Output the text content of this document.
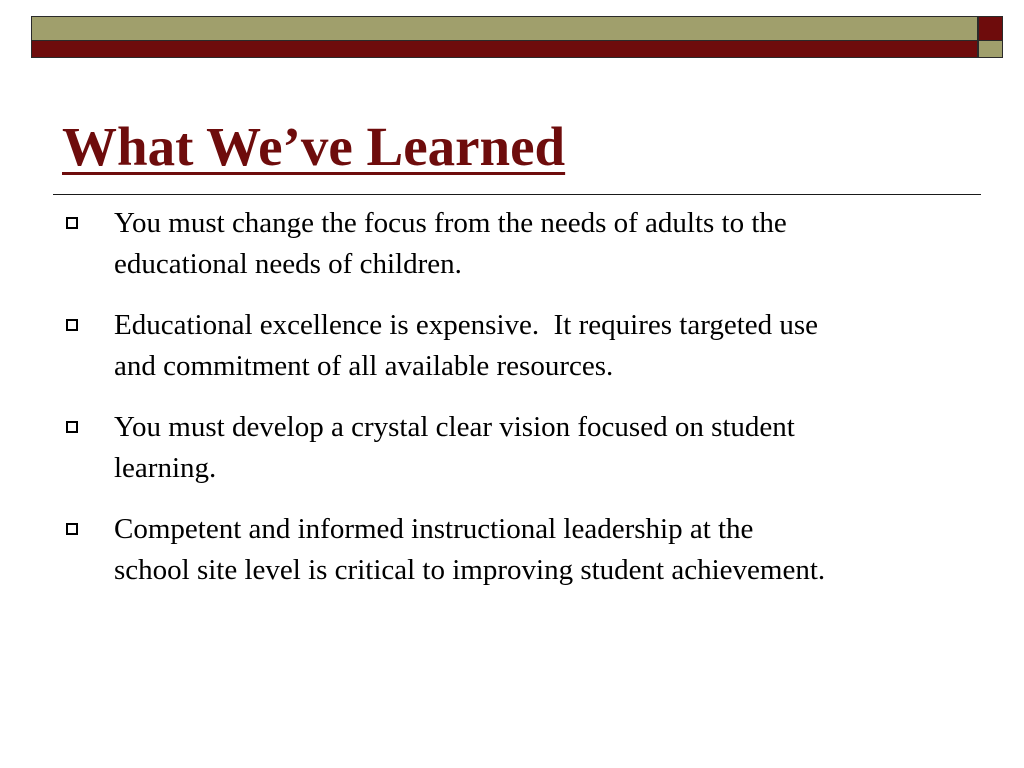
What We’ve Learned
You must change the focus from the needs of adults to the
educational needs of children.
Educational excellence is expensive.  It requires targeted use
and commitment of all available resources.
You must develop a crystal clear vision focused on student
learning.
Competent and informed instructional leadership at the
school site level is critical to improving student achievement.
